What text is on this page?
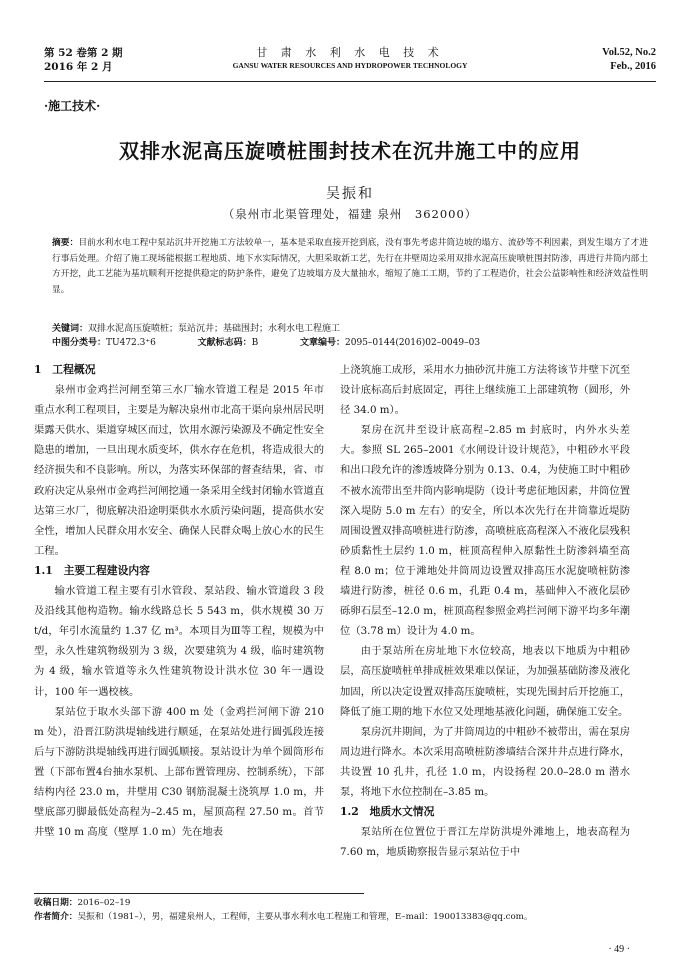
第 52 卷第 2 期
2016 年 2 月
甘 肃 水 利 水 电 技 术
GANSU WATER RESOURCES AND HYDROPOWER TECHNOLOGY
Vol.52, No.2
Feb., 2016
·施工技术·
双排水泥高压旋喷桩围封技术在沉井施工中的应用
吴振和
（泉州市北渠管理处，福建 泉州　362000）
摘要：目前水利水电工程中泵站沉井开挖施工方法较单一，基本是采取直接开挖到底，没有事先考虑井筒边坡的塌方、流砂等不利因素，到发生塌方了才进行事后处理。介绍了施工现场能根据工程地质、地下水实际情况，大胆采取新工艺，先行在井壁周边采用双排水泥高压旋喷桩围封防渗，再进行井筒内部土方开挖，此工艺能为基坑顺利开挖提供稳定的防护条件，避免了边坡塌方及大量抽水，缩短了施工工期，节约了工程造价，社会公益影响性和经济效益性明显。
关键词：双排水泥高压旋喷桩；泵站沉井；基础围封；水利水电工程施工
中图分类号：TU472.3⁺6	文献标志码：B	文章编号：2095–0144(2016)02–0049–03
1　工程概况

泉州市金鸡拦河闸至第三水厂输水管道工程是 2015 年市重点水利工程项目，主要是为解决泉州市北高干渠向泉州居民明渠露天供水、渠道穿城区而过，饮用水源污染源及不确定性安全隐患的增加，一旦出现水质变坏，供水存在危机，将造成很大的经济损失和不良影响。所以，为落实环保部的督查结果，省、市政府决定从泉州市金鸡拦河闸挖通一条采用全线封闭输水管道直达第三水厂，彻底解决沿途明渠供水水质污染问题，提高供水安全性，增加人民群众用水安全、确保人民群众喝上放心水的民生工程。

1.1　主要工程建设内容

输水管道工程主要有引水管段、泵站段、输水管道段 3 段及沿线其他构造物。输水线路总长 5 543 m，供水规模 30 万 t/d，年引水流量约 1.37 亿 m³。本项目为Ⅲ等工程，规模为中型，永久性建筑物级别为 3 级，次要建筑为 4 级，临时建筑物为 4 级，输水管道等永久性建筑物设计洪水位 30 年一遇设计，100 年一遇校核。

泵站位于取水头部下游 400 m 处（金鸡拦河闸下游 210 m 处），沿晋江防洪堤轴线进行顺延，在泵站处进行圆弧段连接后与下游防洪堤轴线再进行圆弧顺接。泵站设计为单个圆筒形布置（下部布置4台抽水泵机、上部布置管理房、控制系统），下部结构内径 23.0 m，井壁用 C30 钢筋混凝土浇筑厚 1.0 m，井壁底部刃脚最低处高程为–2.45 m，屋顶高程 27.50 m。首节井壁 10 m 高度（壁厚 1.0 m）先在地表

上浇筑施工成形，采用水力抽砂沉井施工方法将该节井壁下沉至设计底标高后封底固定，再往上继续施工上部建筑物（圆形，外径 34.0 m）。

泵房在沉井至设计底高程–2.85 m 封底时，内外水头差大。参照 SL 265–2001《水闸设计设计规范》，中粗砂水平段和出口段允许的渗透坡降分别为 0.13、0.4，为使施工时中粗砂不被水流带出至井筒内影响堤防（设计考虑征地因素，井筒位置深入堤防 5.0 m 左右）的安全，所以本次先行在井筒靠近堤防周围设置双排高喷桩进行防渗，高喷桩底高程深入不液化层残积砂质黏性土层约 1.0 m，桩顶高程伸入原黏性土防渗斜墙至高程 8.0 m；位于滩地处井筒周边设置双排高压水泥旋喷桩防渗墙进行防渗，桩径 0.6 m，孔距 0.4 m，基础伸入不液化层砂砾卵石层至–12.0 m，桩顶高程参照金鸡拦河闸下游平均多年潮位（3.78 m）设计为 4.0 m。

由于泵站所在房址地下水位较高，地表以下地质为中粗砂层，高压旋喷桩单排成桩效果难以保证，为加强基础防渗及液化加固，所以决定设置双排高压旋喷桩，实现先围封后开挖施工，降低了施工期的地下水位又处理地基液化问题，确保施工安全。

泵房沉井期间，为了井筒周边的中粗砂不被带出，需在泵房周边进行降水。本次采用高喷桩防渗墙结合深井井点进行降水，共设置 10 孔井，孔径 1.0 m，内设扬程 20.0–28.0 m 潜水泵，将地下水位控制在–3.85 m。

1.2　地质水文情况

泵站所在位置位于晋江左岸防洪堤外滩地上，地表高程为 7.60 m，地质勘察报告显示泵站位于中

收稿日期：2016–02–19
作者简介：吴振和（1981–），男，福建泉州人，工程师，主要从事水利水电工程施工和管理，E–mail：190013383@qq.com。
· 49 ·
